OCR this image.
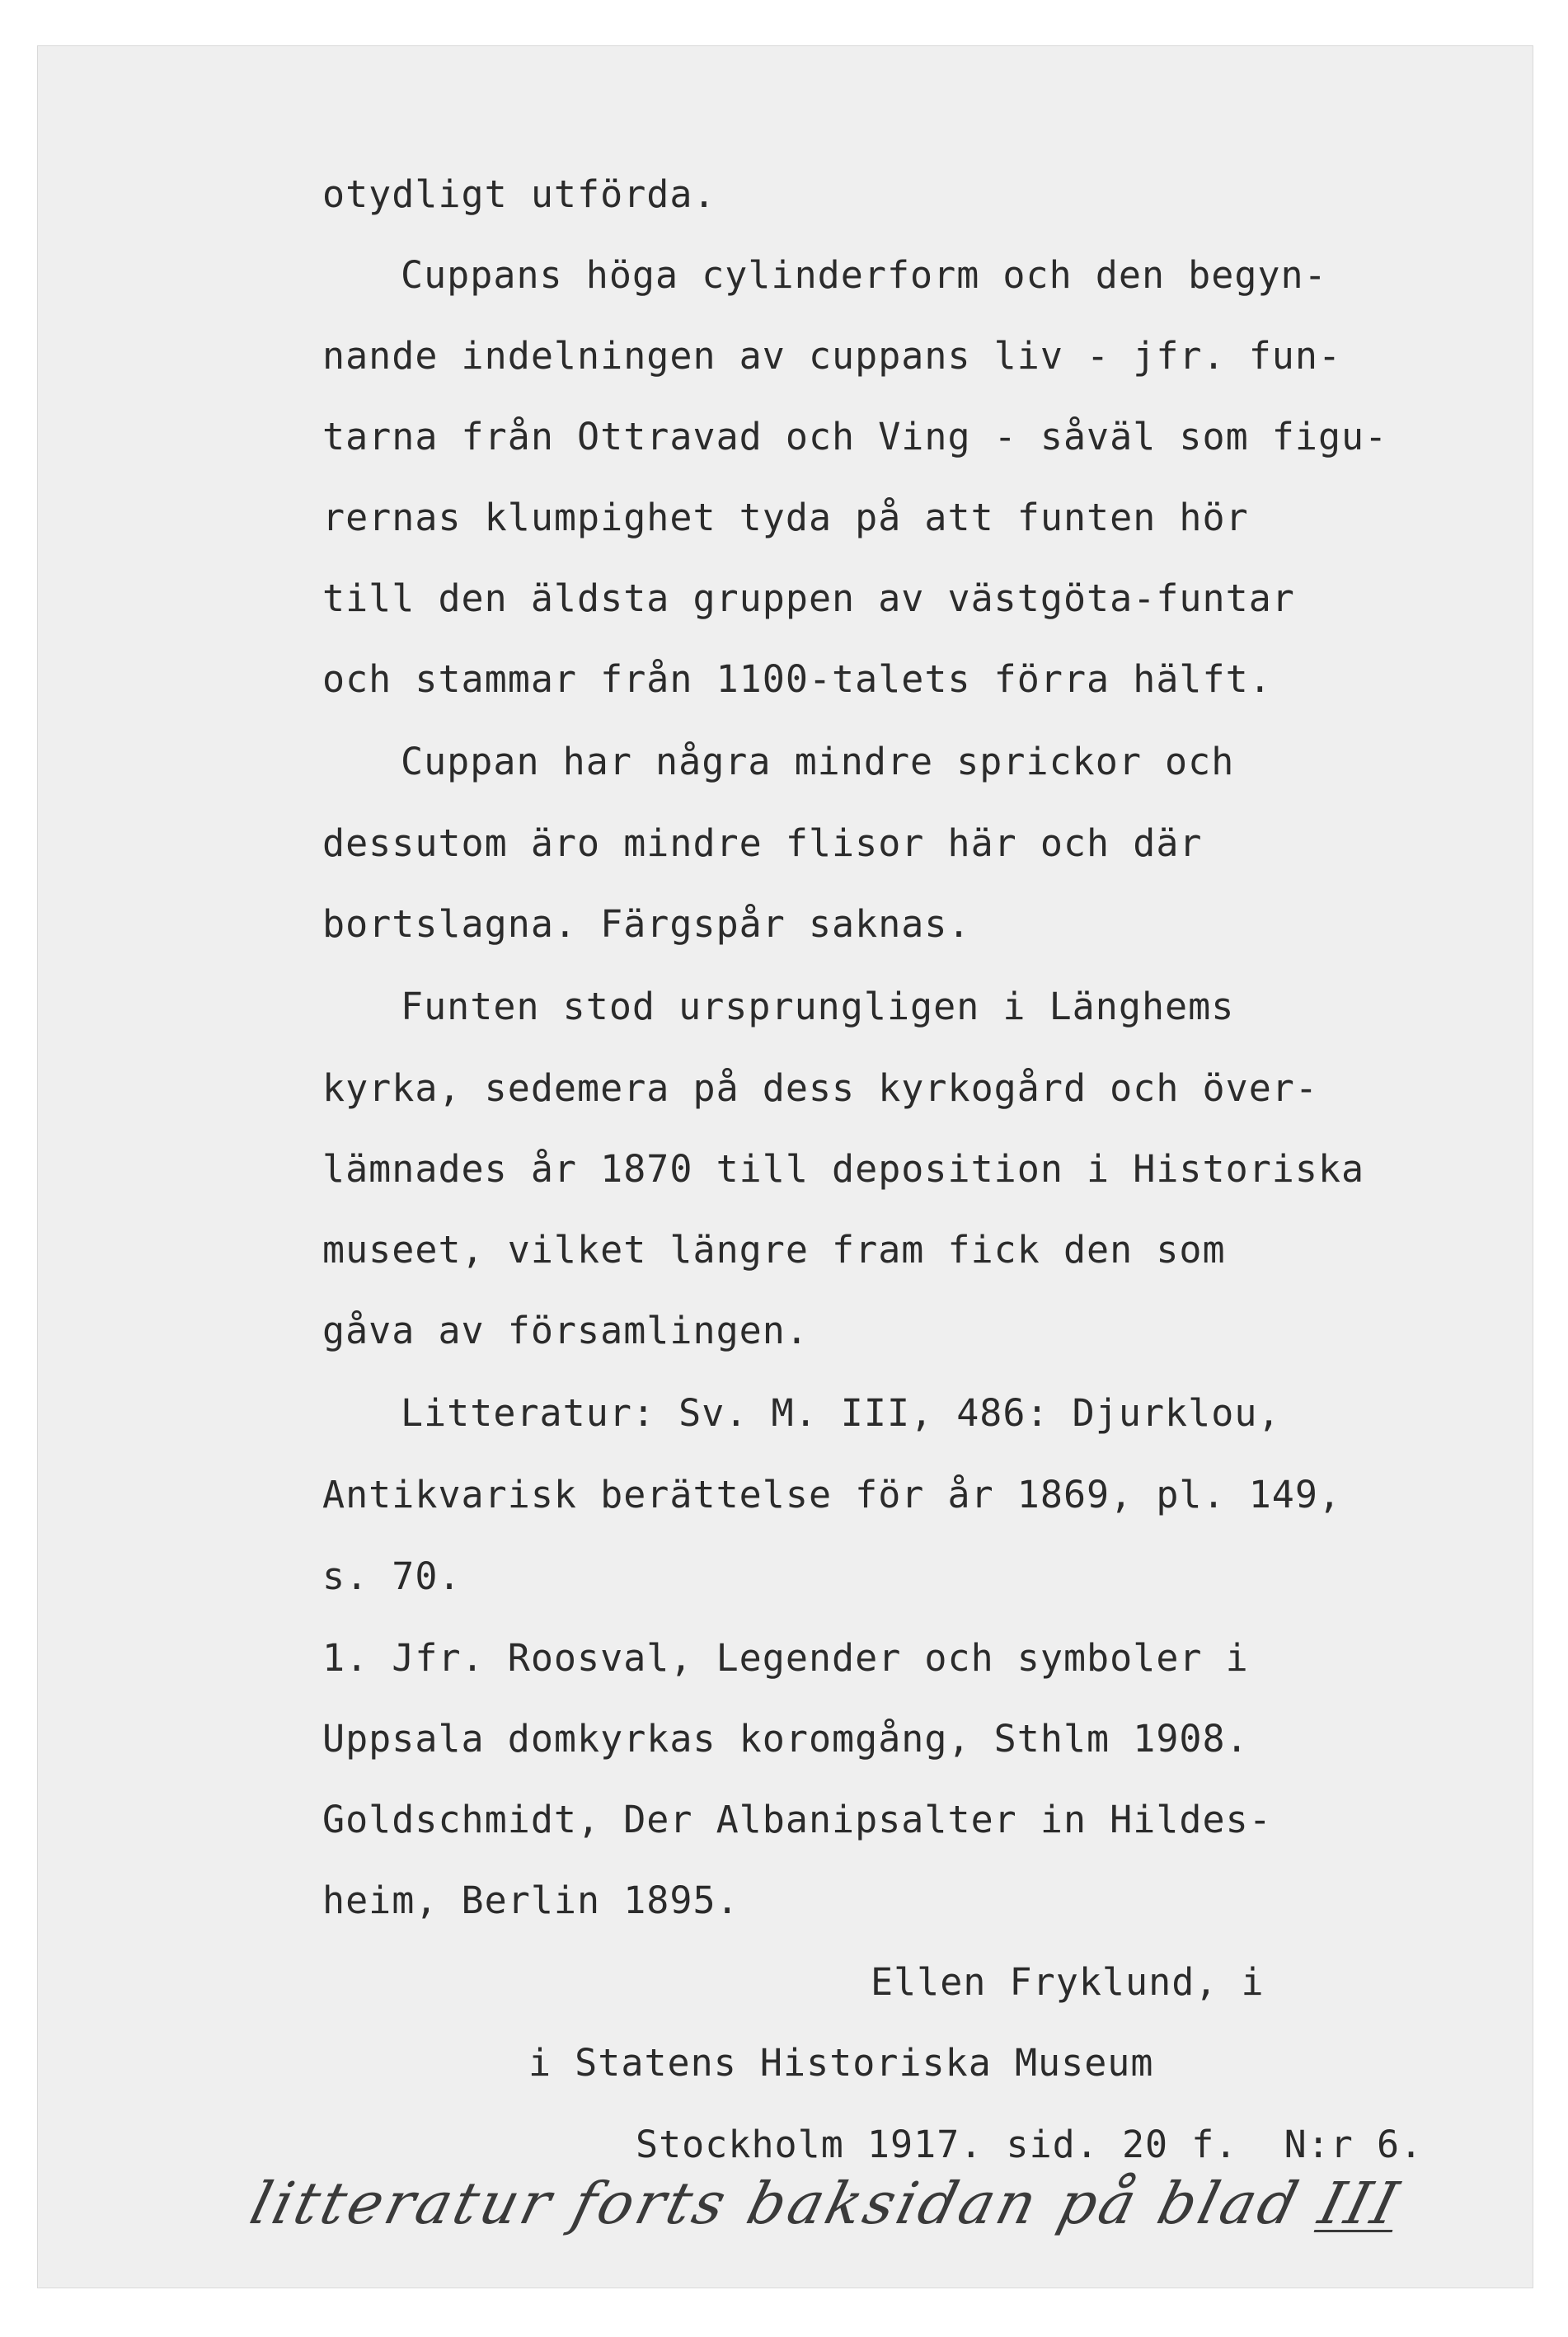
otydligt utförda.
Cuppans höga cylinderform och den begyn-
nande indelningen av cuppans liv - jfr. fun-
tarna från Ottravad och Ving - såväl som figu-
rernas klumpighet tyda på att funten hör
till den äldsta gruppen av västgöta-funtar
och stammar från 1100-talets förra hälft.
Cuppan har några mindre sprickor och
dessutom äro mindre flisor här och där
bortslagna. Färgspår saknas.
Funten stod ursprungligen i Länghems
kyrka, sedemera på dess kyrkogård och över-
lämnades år 1870 till deposition i Historiska
museet, vilket längre fram fick den som
gåva av församlingen.
Litteratur: Sv. M. III, 486: Djurklou,
Antikvarisk berättelse för år 1869, pl. 149,
s. 70.
1. Jfr. Roosval, Legender och symboler i
Uppsala domkyrkas koromgång, Sthlm 1908.
Goldschmidt, Der Albanipsalter in Hildes-
heim, Berlin 1895.
Ellen Fryklund, i
i Statens Historiska Museum
Stockholm 1917. sid. 20 f.  N:r 6.
litteratur forts baksidan på blad III
